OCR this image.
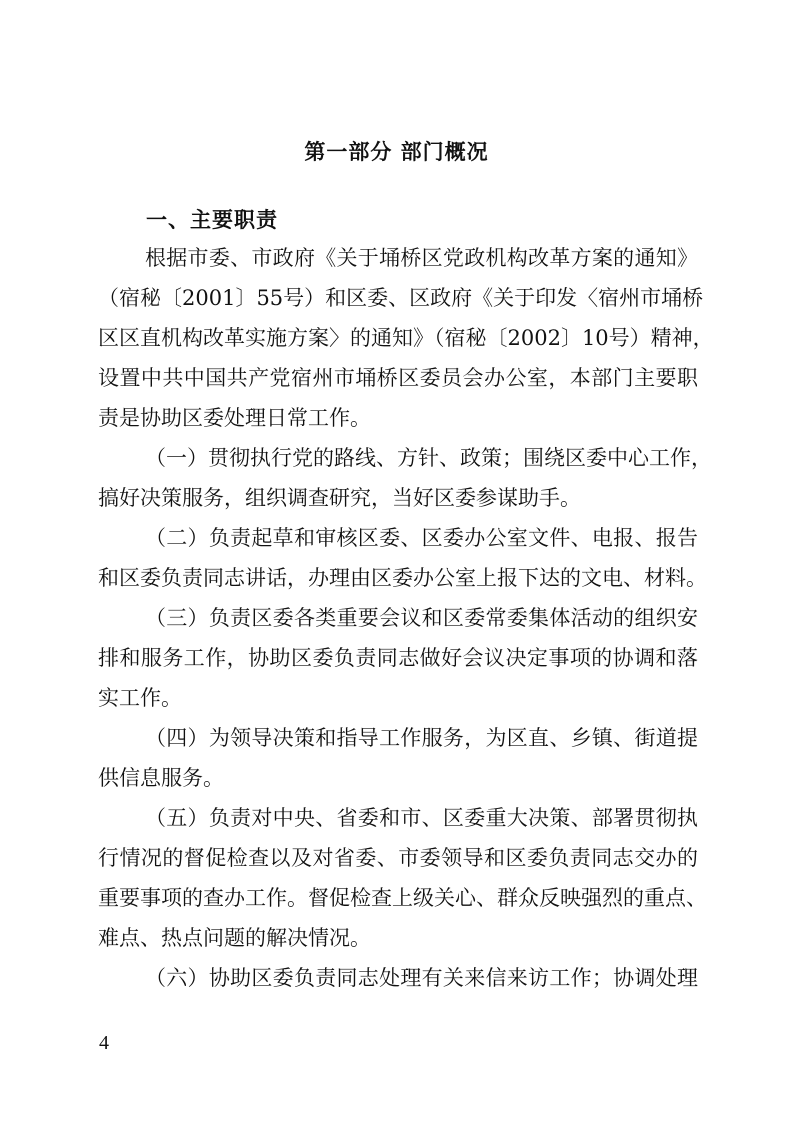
第一部分 部门概况
一、主要职责
根据市委、市政府《关于埇桥区党政机构改革方案的通知》
（宿秘〔2001〕55号）和区委、区政府《关于印发〈宿州市埇桥
区区直机构改革实施方案〉的通知》（宿秘〔2002〕10号）精神，
设置中共中国共产党宿州市埇桥区委员会办公室，本部门主要职
责是协助区委处理日常工作。
（一）贯彻执行党的路线、方针、政策；围绕区委中心工作，
搞好决策服务，组织调查研究，当好区委参谋助手。
（二）负责起草和审核区委、区委办公室文件、电报、报告
和区委负责同志讲话，办理由区委办公室上报下达的文电、材料。
（三）负责区委各类重要会议和区委常委集体活动的组织安
排和服务工作，协助区委负责同志做好会议决定事项的协调和落
实工作。
（四）为领导决策和指导工作服务，为区直、乡镇、街道提
供信息服务。
（五）负责对中央、省委和市、区委重大决策、部署贯彻执
行情况的督促检查以及对省委、市委领导和区委负责同志交办的
重要事项的查办工作。督促检查上级关心、群众反映强烈的重点、
难点、热点问题的解决情况。
（六）协助区委负责同志处理有关来信来访工作；协调处理
4
